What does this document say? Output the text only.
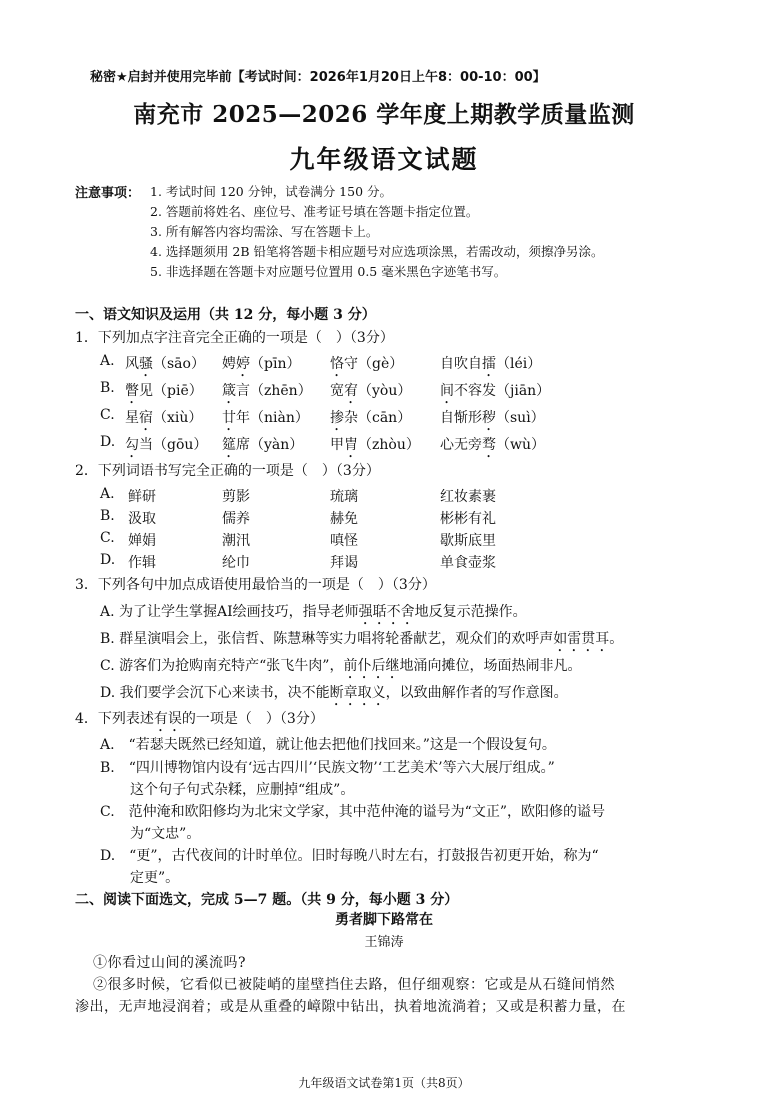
秘密★启封并使用完毕前【考试时间：2026年1月20日上午8：00-10：00】
南充市 2025—2026 学年度上期教学质量监测
九年级语文试题
注意事项： 1. 考试时间 120 分钟，试卷满分 150 分。
2. 答题前将姓名、座位号、准考证号填在答题卡指定位置。
3. 所有解答内容均需涂、写在答题卡上。
4. 选择题须用 2B 铅笔将答题卡相应题号对应选项涂黑，若需改动，须擦净另涂。
5. 非选择题在答题卡对应题号位置用 0.5 毫米黑色字迹笔书写。
一、语文知识及运用（共 12 分，每小题 3 分）
1．下列加点字注音完全正确的一项是（　）（3分）
A. 风骚（sāo） 娉婷（pīn） 恪守（gè）	自吹自擂（léi）
B. 瞥见（piē） 箴言（zhēn） 宽宥（yòu） 间不容发（jiān）
C. 星宿（xiù） 廿年（niàn） 掺杂（cān） 自惭形秽（suì）
D. 勾当（gōu） 筵席（yàn） 甲胄（zhòu） 心无旁骛（wù）
2．下列词语书写完全正确的一项是（　）（3分）
A. 鲜研	剪影	琉璃	红妆素裹
B. 汲取	儒养	赫免	彬彬有礼
C. 婵娟	潮汛	嗔怪	歇斯底里
D. 作辑	纶巾	拜谒	单食壶浆
3．下列各句中加点成语使用最恰当的一项是（　）（3分）
A. 为了让学生掌握AI绘画技巧，指导老师强聒不舍地反复示范操作。
B. 群星演唱会上，张信哲、陈慧琳等实力唱将轮番献艺，观众们的欢呼声如雷贯耳。
C. 游客们为抢购南充特产“张飞牛肉”，前仆后继地涌向摊位，场面热闹非凡。
D. 我们要学会沉下心来读书，决不能断章取义，以致曲解作者的写作意图。
4．下列表述有误的一项是（　）（3分）
A.　“若瑟夫既然已经知道，就让他去把他们找回来。”这是一个假设复句。
B.　“四川博物馆内设有‘远古四川’‘民族文物’‘工艺美术’等六大展厅组成。”
这个句子句式杂糅，应删掉“组成”。
C.　范仲淹和欧阳修均为北宋文学家，其中范仲淹的谥号为“文正”，欧阳修的谥号
为“文忠”。
D.　“更”，古代夜间的计时单位。旧时每晚八时左右，打鼓报告初更开始，称为“
定更”。
二、阅读下面选文，完成 5—7 题。（共 9 分，每小题 3 分）
勇者脚下路常在
王锦涛
①你看过山间的溪流吗?
②很多时候，它看似已被陡峭的崖壁挡住去路，但仔细观察：它或是从石缝间悄然
渗出，无声地浸润着；或是从重叠的嶂隙中钻出，执着地流淌着；又或是积蓄力量，在
九年级语文试卷第1页（共8页）
